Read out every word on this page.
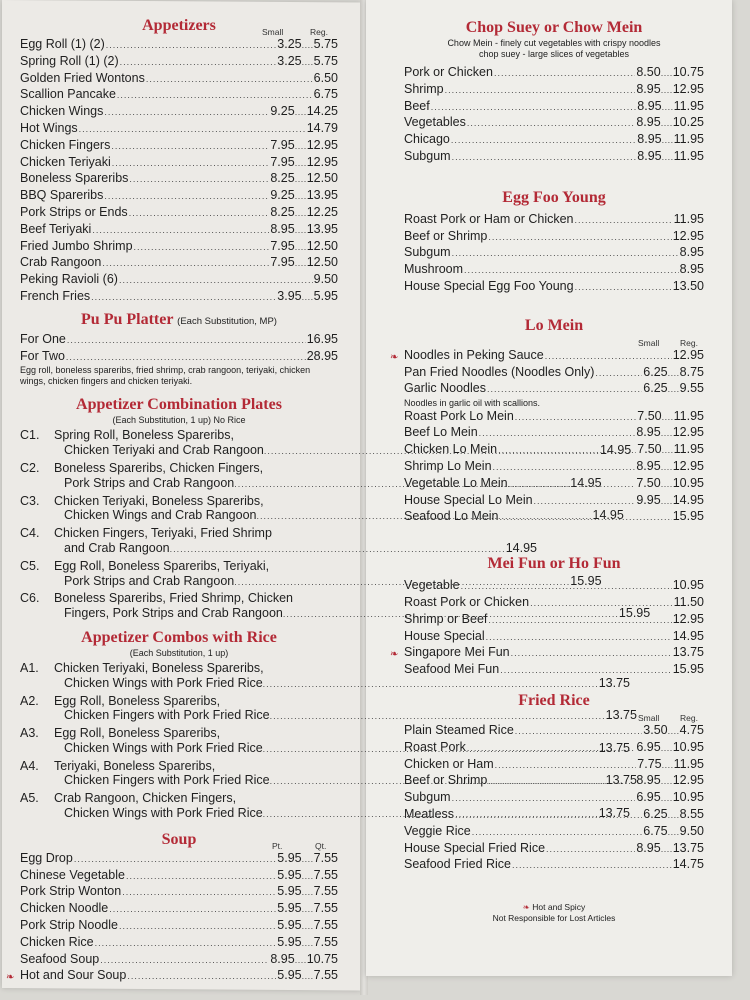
Appetizers	Small	Reg.
Egg Roll (1) (2) .....	3.25 .... 5.75
Spring Roll (1) (2) .....	3.25 .... 5.75
Golden Fried Wontons .....	6.50
Scallion Pancake .....	6.75
Chicken Wings .....	9.25 .... 14.25
Hot Wings .....	14.79
Chicken Fingers .....	7.95 .... 12.95
Chicken Teriyaki .....	7.95 .... 12.95
Boneless Spareribs .....	8.25 .... 12.50
BBQ Spareribs .....	9.25 .... 13.95
Pork Strips or Ends .....	8.25 .... 12.25
Beef Teriyaki .....	8.95 .... 13.95
Fried Jumbo Shrimp .....	7.95 .... 12.50
Crab Rangoon .....	7.95 .... 12.50
Peking Ravioli (6) .....	9.50
French Fries .....	3.95 .... 5.95
Pu Pu Platter (Each Substitution, MP)
For One .....	16.95
For Two .....	28.95
Egg roll, boneless spareribs, fried shrimp, crab rangoon, teriyaki, chicken wings, chicken fingers and chicken teriyaki.
Appetizer Combination Plates
(Each Substitution, 1 up) No Rice
C1.	Spring Roll, Boneless Spareribs,
Chicken Teriyaki and Crab Rangoon .....	14.95
C2.	Boneless Spareribs, Chicken Fingers,
Pork Strips and Crab Rangoon .....	14.95
C3.	Chicken Teriyaki, Boneless Spareribs,
Chicken Wings and Crab Rangoon .....	14.95
C4.	Chicken Fingers, Teriyaki, Fried Shrimp
and Crab Rangoon .....	14.95
C5.	Egg Roll, Boneless Spareribs, Teriyaki,
Pork Strips and Crab Rangoon .....	15.95
C6.	Boneless Spareribs, Fried Shrimp, Chicken
Fingers, Pork Strips and Crab Rangoon .....	15.95
Appetizer Combos with Rice
(Each Substitution, 1 up)
A1.	Chicken Teriyaki, Boneless Spareribs,
Chicken Wings with Pork Fried Rice .....	13.75
A2.	Egg Roll, Boneless Spareribs,
Chicken Fingers with Pork Fried Rice .....	13.75
A3.	Egg Roll, Boneless Spareribs,
Chicken Wings with Pork Fried Rice .....	13.75
A4.	Teriyaki, Boneless Spareribs,
Chicken Fingers with Pork Fried Rice .....	13.75
A5.	Crab Rangoon, Chicken Fingers,
Chicken Wings with Pork Fried Rice .....	13.75
Soup	Pt.	Qt.
Egg Drop .....	5.95 .... 7.55
Chinese Vegetable .....	5.95 .... 7.55
Pork Strip Wonton .....	5.95 .... 7.55
Chicken Noodle .....	5.95 .... 7.55
Pork Strip Noodle .....	5.95 .... 7.55
Chicken Rice .....	5.95 .... 7.55
Seafood Soup .....	8.95 .... 10.75
❧ Hot and Sour Soup .....	5.95 .... 7.55
Chop Suey or Chow Mein
Chow Mein - finely cut vegetables with crispy noodles
chop suey - large slices of vegetables
Pork or Chicken .....	8.50 .... 10.75
Shrimp .....	8.95 .... 12.95
Beef .....	8.95 .... 11.95
Vegetables .....	8.95 .... 10.25
Chicago .....	8.95 .... 11.95
Subgum .....	8.95 .... 11.95
Egg Foo Young
Roast Pork or Ham or Chicken .....	11.95
Beef or Shrimp .....	12.95
Subgum .....	8.95
Mushroom .....	8.95
House Special Egg Foo Young .....	13.50
Lo Mein
Small Reg.
❧ Noodles in Peking Sauce .....	12.95
Pan Fried Noodles (Noodles Only) .....	6.25 .... 8.75
Garlic Noodles .....	6.25 .... 9.55
Noodles in garlic oil with scallions.
Roast Pork Lo Mein .....	7.50 .... 11.95
Beef Lo Mein .....	8.95 .... 12.95
Chicken Lo Mein .....	7.50 .... 11.95
Shrimp Lo Mein .....	8.95 .... 12.95
Vegetable Lo Mein .....	7.50 .... 10.95
House Special Lo Mein .....	9.95 .... 14.95
Seafood Lo Mein .....	15.95
Mei Fun or Ho Fun
Vegetable .....	10.95
Roast Pork or Chicken .....	11.50
Shrimp or Beef .....	12.95
House Special .....	14.95
❧ Singapore Mei Fun .....	13.75
Seafood Mei Fun .....	15.95
Fried Rice
Small Reg.
Plain Steamed Rice .....	3.50 .... 4.75
Roast Pork .....	6.95 .... 10.95
Chicken or Ham .....	7.75 .... 11.95
Beef or Shrimp .....	8.95 .... 12.95
Subgum .....	6.95 .... 10.95
Meatless .....	6.25 .... 8.55
Veggie Rice .....	6.75 .... 9.50
House Special Fried Rice .....	8.95 .... 13.75
Seafood Fried Rice .....	14.75
❧ Hot and Spicy
Not Responsible for Lost Articles
